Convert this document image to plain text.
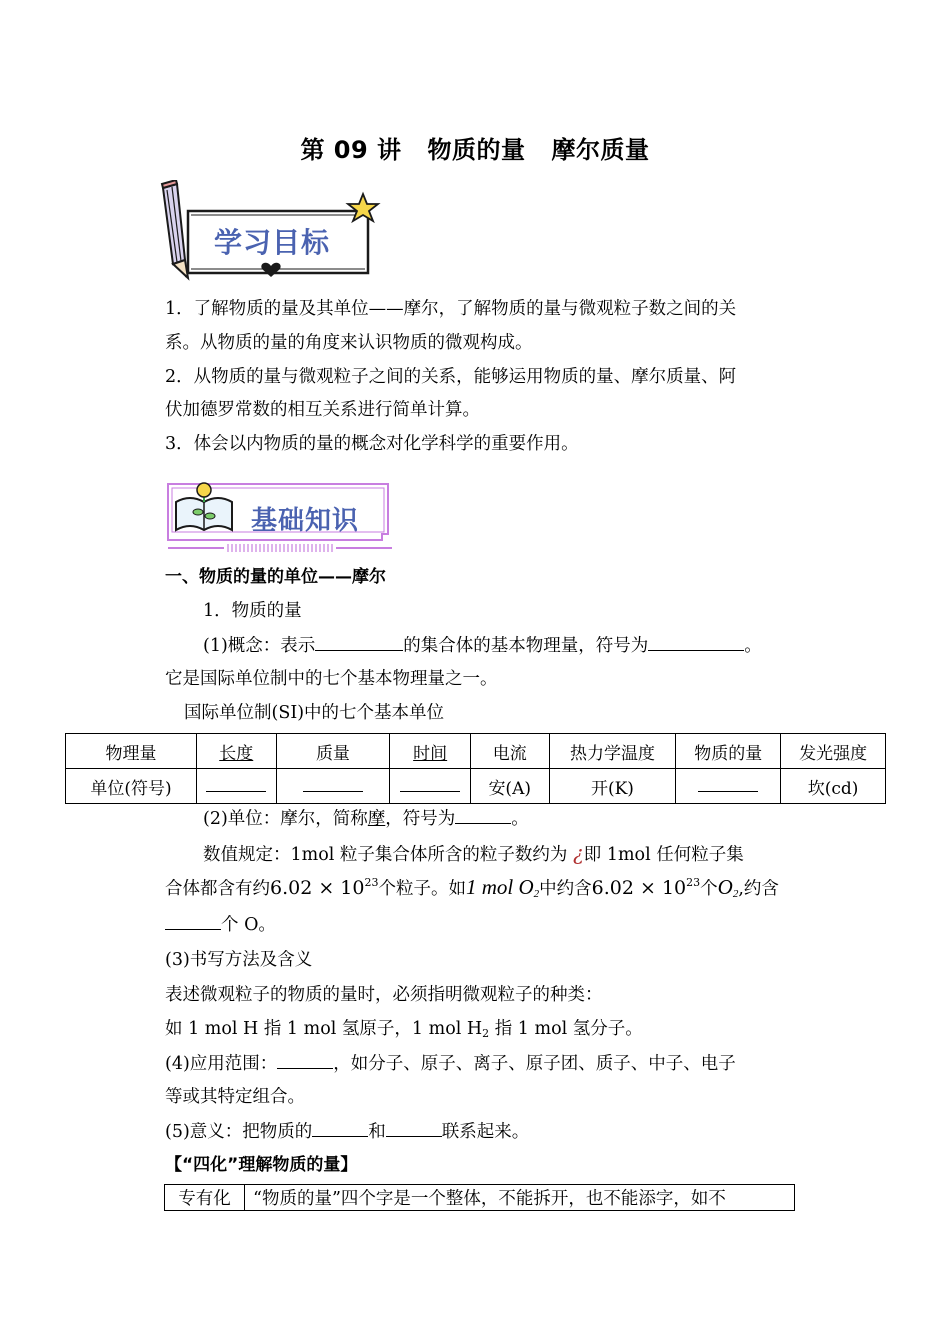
第 09 讲 物质的量 摩尔质量
学习目标
1．了解物质的量及其单位——摩尔，了解物质的量与微观粒子数之间的关
系。从物质的量的角度来认识物质的微观构成。
2．从物质的量与微观粒子之间的关系，能够运用物质的量、摩尔质量、阿
伏加德罗常数的相互关系进行简单计算。
3．体会以内物质的量的概念对化学科学的重要作用。
基础知识
一、物质的量的单位——摩尔
1．物质的量
(1)概念：表示	的集合体的基本物理量，符号为	。
它是国际单位制中的七个基本物理量之一。
国际单位制(SI)中的七个基本单位
物理量	长度	质量	时间	电流	热力学温度	物质的量	发光强度
单位(符号)				安(A)	开(K)		坎(cd)
(2)单位：摩尔，简称摩，符号为	。
数值规定：1mol 粒子集合体所含的粒子数约为 ¿即 1mol 任何粒子集
合体都含有约$6.02 \times 10^{23}$个粒子。如1 mol $O_2$中约含$6.02 \times 10^{23}$个$O_2$,约含
个 O。
(3)书写方法及含义
表述微观粒子的物质的量时，必须指明微观粒子的种类：
如 1 mol H 指 1 mol 氢原子，1 mol $H_2$ 指 1 mol 氢分子。
(4)应用范围：	，如分子、原子、离子、原子团、质子、中子、电子
等或其特定组合。
(5)意义：把物质的	和	联系起来。
【“四化”理解物质的量】
专有化	“物质的量”四个字是一个整体，不能拆开，也不能添字，如不
